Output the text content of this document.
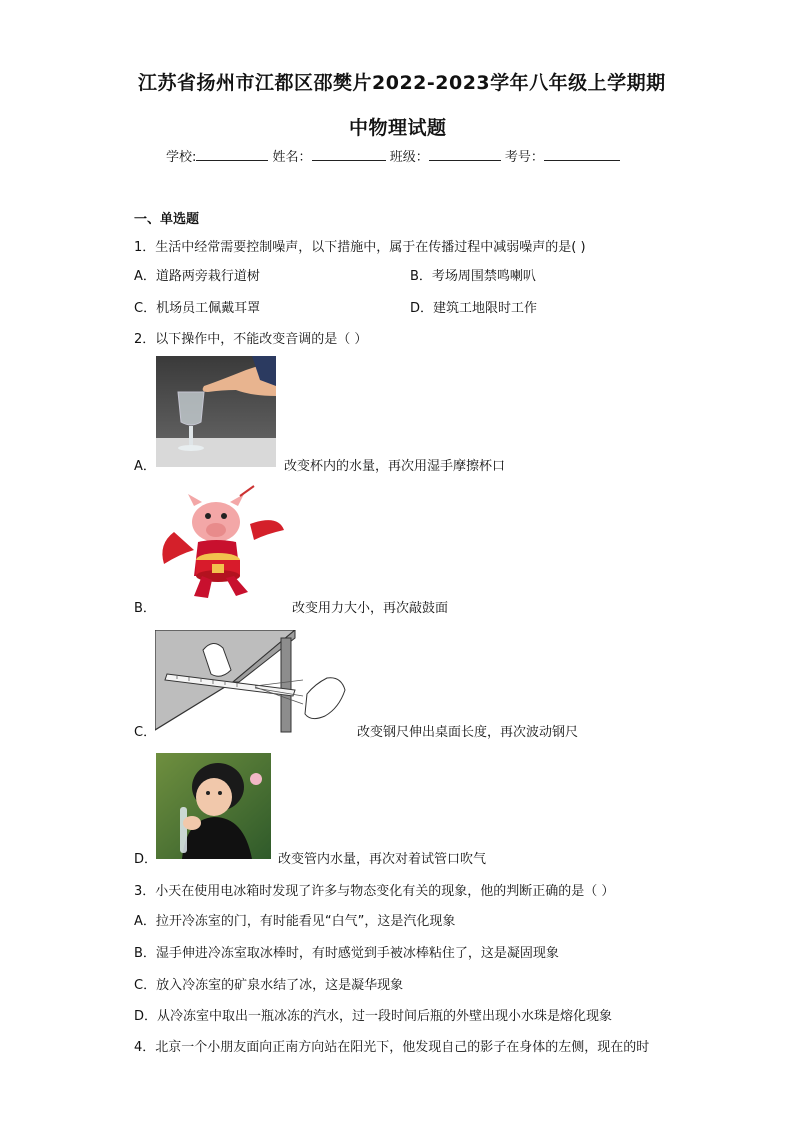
江苏省扬州市江都区邵樊片2022-2023学年八年级上学期期
中物理试题
学校:	姓名：	班级：	考号：
一、单选题
1．生活中经常需要控制噪声，以下措施中，属于在传播过程中减弱噪声的是( )
A．道路两旁栽行道树	B．考场周围禁鸣喇叭
C．机场员工佩戴耳罩	D．建筑工地限时工作
2．以下操作中，不能改变音调的是（ ）
A．	改变杯内的水量，再次用湿手摩擦杯口
B．	改变用力大小，再次敲鼓面
C．	改变钢尺伸出桌面长度，再次波动钢尺
D．	改变管内水量，再次对着试管口吹气
3．小天在使用电冰箱时发现了许多与物态变化有关的现象，他的判断正确的是（ ）
A．拉开冷冻室的门，有时能看见“白气”，这是汽化现象
B．湿手伸进冷冻室取冰棒时，有时感觉到手被冰棒粘住了，这是凝固现象
C．放入冷冻室的矿泉水结了冰，这是凝华现象
D．从冷冻室中取出一瓶冰冻的汽水，过一段时间后瓶的外壁出现小水珠是熔化现象
4．北京一个小朋友面向正南方向站在阳光下，他发现自己的影子在身体的左侧，现在的时
